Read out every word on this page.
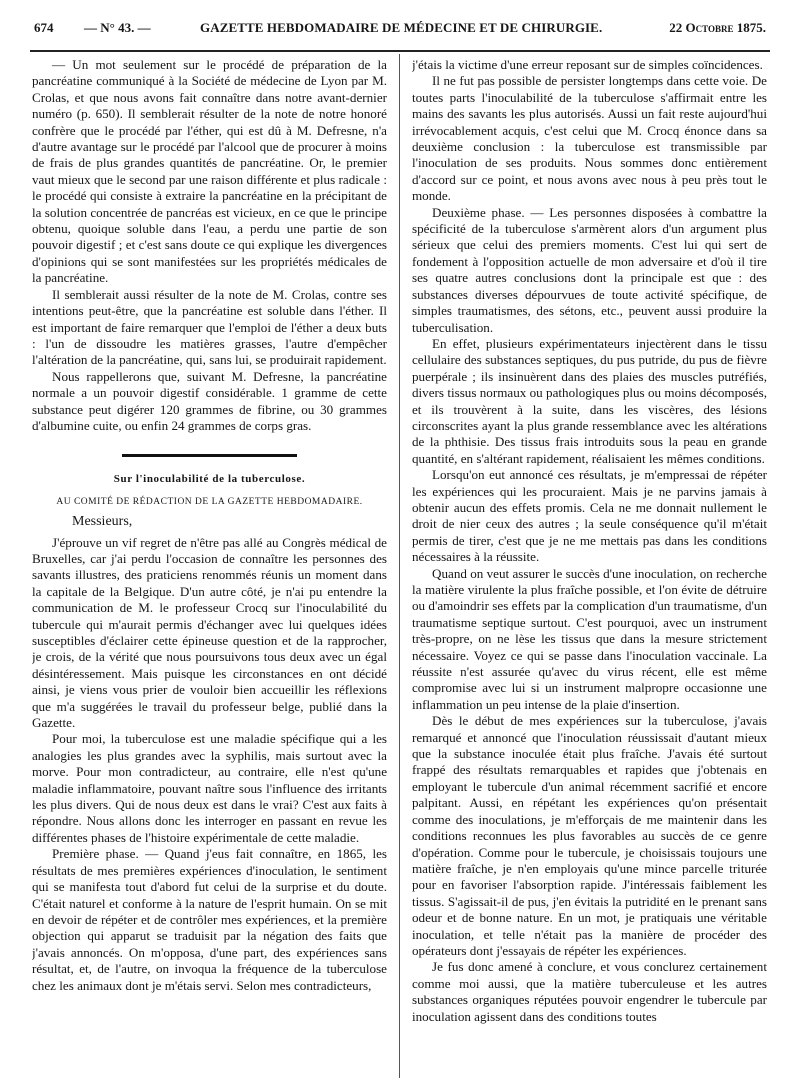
674 — N° 43. —	GAZETTE HEBDOMADAIRE DE MÉDECINE ET DE CHIRURGIE.	22 Octobre 1875.

— Un mot seulement sur le procédé de préparation de la pancréatine communiqué à la Société de médecine de Lyon par M. Crolas, et que nous avons fait connaître dans notre avant-dernier numéro (p. 650). Il semblerait résulter de la note de notre honoré confrère que le procédé par l'éther, qui est dû à M. Defresne, n'a d'autre avantage sur le procédé par l'alcool que de procurer à moins de frais de plus grandes quantités de pancréatine. Or, le premier vaut mieux que le second par une raison différente et plus radicale : le procédé qui consiste à extraire la pancréatine en la précipitant de la solution concentrée de pancréas est vicieux, en ce que le principe obtenu, quoique soluble dans l'eau, a perdu une partie de son pouvoir digestif ; et c'est sans doute ce qui explique les divergences d'opinions qui se sont manifestées sur les propriétés médicales de la pancréatine.

Il semblerait aussi résulter de la note de M. Crolas, contre ses intentions peut-être, que la pancréatine est soluble dans l'éther. Il est important de faire remarquer que l'emploi de l'éther a deux buts : l'un de dissoudre les matières grasses, l'autre d'empêcher l'altération de la pancréatine, qui, sans lui, se produirait rapidement.

Nous rappellerons que, suivant M. Defresne, la pancréatine normale a un pouvoir digestif considérable. 1 gramme de cette substance peut digérer 120 grammes de fibrine, ou 30 grammes d'albumine cuite, ou enfin 24 grammes de corps gras.

Sur l'inoculabilité de la tuberculose.
AU COMITÉ DE RÉDACTION DE LA GAZETTE HEBDOMADAIRE.

Messieurs,

J'éprouve un vif regret de n'être pas allé au Congrès médical de Bruxelles, car j'ai perdu l'occasion de connaître les personnes des savants illustres, des praticiens renommés réunis un moment dans la capitale de la Belgique. D'un autre côté, je n'ai pu entendre la communication de M. le professeur Crocq sur l'inoculabilité du tubercule qui m'aurait permis d'échanger avec lui quelques idées susceptibles d'éclairer cette épineuse question et de la rapprocher, je crois, de la vérité que nous poursuivons tous deux avec un égal désintéressement. Mais puisque les circonstances en ont décidé ainsi, je viens vous prier de vouloir bien accueillir les réflexions que m'a suggérées le travail du professeur belge, publié dans la Gazette.

Pour moi, la tuberculose est une maladie spécifique qui a les analogies les plus grandes avec la syphilis, mais surtout avec la morve. Pour mon contradicteur, au contraire, elle n'est qu'une maladie inflammatoire, pouvant naître sous l'influence des irritants les plus divers. Qui de nous deux est dans le vrai? C'est aux faits à répondre. Nous allons donc les interroger en passant en revue les différentes phases de l'histoire expérimentale de cette maladie.

Première phase. — Quand j'eus fait connaître, en 1865, les résultats de mes premières expériences d'inoculation, le sentiment qui se manifesta tout d'abord fut celui de la surprise et du doute. C'était naturel et conforme à la nature de l'esprit humain. On se mit en devoir de répéter et de contrôler mes expériences, et la première objection qui apparut se traduisit par la négation des faits que j'avais annoncés. On m'opposa, d'une part, des expériences sans résultat, et, de l'autre, on invoqua la fréquence de la tuberculose chez les animaux dont je m'étais servi. Selon mes contradicteurs,

j'étais la victime d'une erreur reposant sur de simples coïncidences.

Il ne fut pas possible de persister longtemps dans cette voie. De toutes parts l'inoculabilité de la tuberculose s'affirmait entre les mains des savants les plus autorisés. Aussi un fait reste aujourd'hui irrévocablement acquis, c'est celui que M. Crocq énonce dans sa deuxième conclusion : la tuberculose est transmissible par l'inoculation de ses produits. Nous sommes donc entièrement d'accord sur ce point, et nous avons avec nous à peu près tout le monde.

Deuxième phase. — Les personnes disposées à combattre la spécificité de la tuberculose s'armèrent alors d'un argument plus sérieux que celui des premiers moments. C'est lui qui sert de fondement à l'opposition actuelle de mon adversaire et d'où il tire ses quatre autres conclusions dont la principale est que : des substances diverses dépourvues de toute activité spécifique, de simples traumatismes, des sétons, etc., peuvent aussi produire la tuberculisation.

En effet, plusieurs expérimentateurs injectèrent dans le tissu cellulaire des substances septiques, du pus putride, du pus de fièvre puerpérale ; ils insinuèrent dans des plaies des muscles putréfiés, divers tissus normaux ou pathologiques plus ou moins décomposés, et ils trouvèrent à la suite, dans les viscères, des lésions circonscrites ayant la plus grande ressemblance avec les altérations de la phthisie. Des tissus frais introduits sous la peau en grande quantité, en s'altérant rapidement, réalisaient les mêmes conditions.

Lorsqu'on eut annoncé ces résultats, je m'empressai de répéter les expériences qui les procuraient. Mais je ne parvins jamais à obtenir aucun des effets promis. Cela ne me donnait nullement le droit de nier ceux des autres ; la seule conséquence qu'il m'était permis de tirer, c'est que je ne me mettais pas dans les conditions nécessaires à la réussite.

Quand on veut assurer le succès d'une inoculation, on recherche la matière virulente la plus fraîche possible, et l'on évite de détruire ou d'amoindrir ses effets par la complication d'un traumatisme, d'un traumatisme septique surtout. C'est pourquoi, avec un instrument très-propre, on ne lèse les tissus que dans la mesure strictement nécessaire. Voyez ce qui se passe dans l'inoculation vaccinale. La réussite n'est assurée qu'avec du virus récent, elle est même compromise avec lui si un instrument malpropre occasionne une inflammation un peu intense de la plaie d'insertion.

Dès le début de mes expériences sur la tuberculose, j'avais remarqué et annoncé que l'inoculation réussissait d'autant mieux que la substance inoculée était plus fraîche. J'avais été surtout frappé des résultats remarquables et rapides que j'obtenais en employant le tubercule d'un animal récemment sacrifié et encore palpitant. Aussi, en répétant les expériences qu'on présentait comme des inoculations, je m'efforçais de me maintenir dans les conditions reconnues les plus favorables au succès de ce genre d'opération. Comme pour le tubercule, je choisissais toujours une matière fraîche, je n'en employais qu'une mince parcelle triturée pour en favoriser l'absorption rapide. J'intéressais faiblement les tissus. S'agissait-il de pus, j'en évitais la putridité en le prenant sans odeur et de bonne nature. En un mot, je pratiquais une véritable inoculation, et telle n'était pas la manière de procéder des opérateurs dont j'essayais de répéter les expériences.

Je fus donc amené à conclure, et vous conclurez certainement comme moi aussi, que la matière tuberculeuse et les autres substances organiques réputées pouvoir engendrer le tubercule par inoculation agissent dans des conditions toutes
